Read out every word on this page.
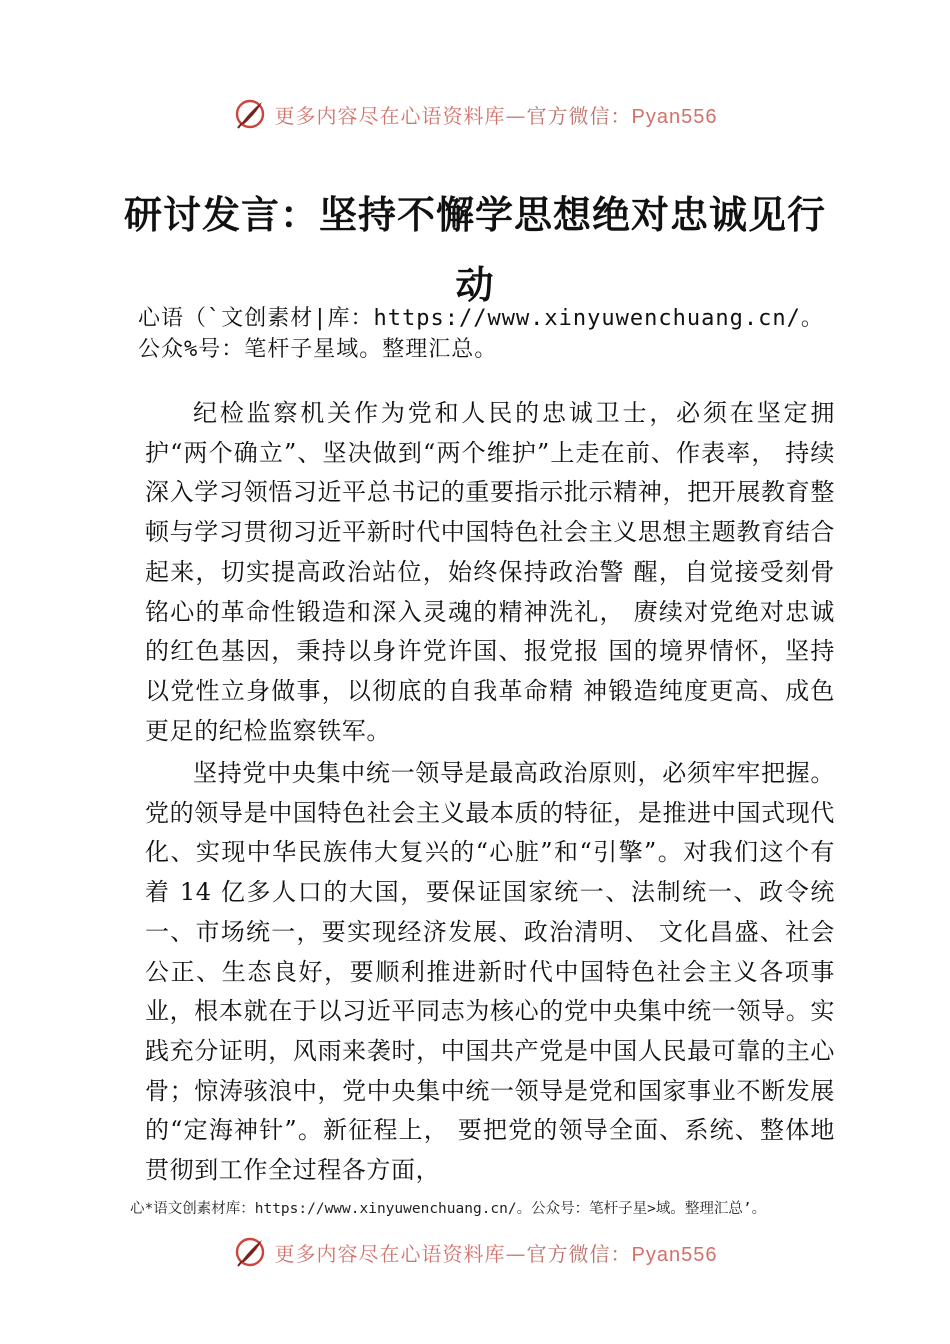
更多内容尽在心语资料库—官方微信：Pyan556
研讨发言：坚持不懈学思想绝对忠诚见行
动
心语（`文创素材|库：https://www.xinyuwenchuang.cn/。公众%号：笔杆子星域。整理汇总。
纪检监察机关作为党和人民的忠诚卫士，必须在坚定拥护“两个确立”、坚决做到“两个维护”上走在前、作表率， 持续深入学习领悟习近平总书记的重要指示批示精神，把开展教育整顿与学习贯彻习近平新时代中国特色社会主义思想主题教育结合起来，切实提高政治站位，始终保持政治警 醒，自觉接受刻骨铭心的革命性锻造和深入灵魂的精神洗礼， 赓续对党绝对忠诚的红色基因，秉持以身许党许国、报党报 国的境界情怀，坚持以党性立身做事，以彻底的自我革命精 神锻造纯度更高、成色更足的纪检监察铁军。
坚持党中央集中统一领导是最高政治原则，必须牢牢把握。党的领导是中国特色社会主义最本质的特征，是推进中国式现代化、实现中华民族伟大复兴的“心脏”和“引擎”。对我们这个有着 14 亿多人口的大国，要保证国家统一、法制统一、政令统一、市场统一，要实现经济发展、政治清明、 文化昌盛、社会公正、生态良好，要顺利推进新时代中国特色社会主义各项事业，根本就在于以习近平同志为核心的党中央集中统一领导。实践充分证明，风雨来袭时，中国共产党是中国人民最可靠的主心骨；惊涛骇浪中，党中央集中统一领导是党和国家事业不断发展的“定海神针”。新征程上， 要把党的领导全面、系统、整体地贯彻到工作全过程各方面，
心*语文创素材库：https://www.xinyuwenchuang.cn/。公众号：笔杆子星>域。整理汇总’。
更多内容尽在心语资料库—官方微信：Pyan556
